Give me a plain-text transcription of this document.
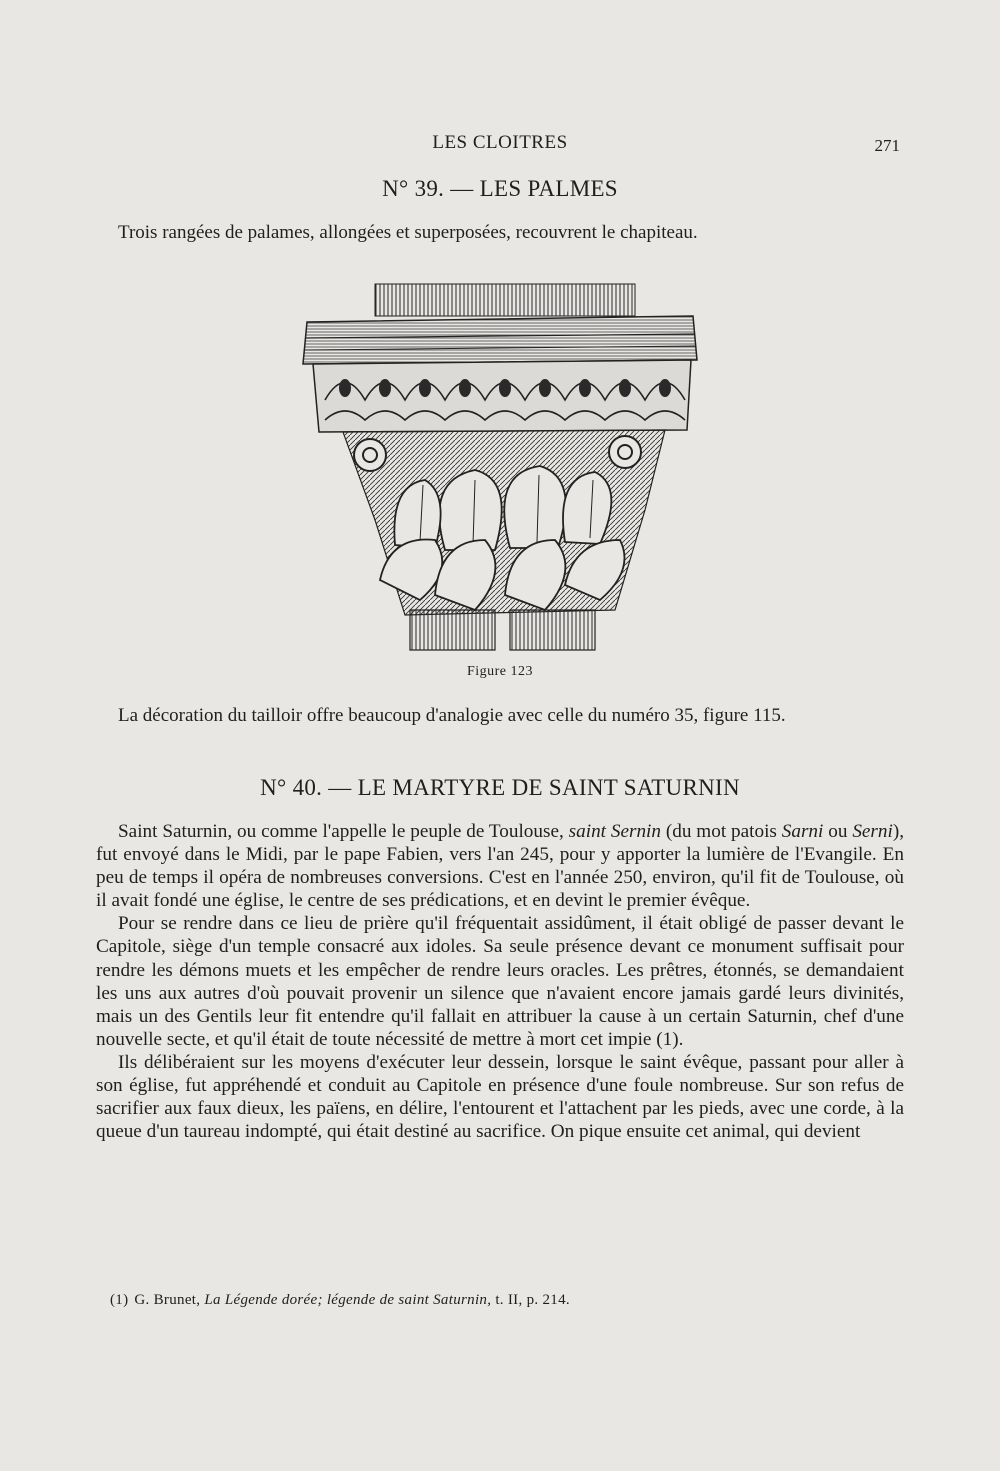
LES CLOITRES	271
N° 39. — LES PALMES
Trois rangées de palames, allongées et superposées, recouvrent le chapiteau.
Figure 123
La décoration du tailloir offre beaucoup d'analogie avec celle du numéro 35, figure 115.
N° 40. — LE MARTYRE DE SAINT SATURNIN

Saint Saturnin, ou comme l'appelle le peuple de Toulouse, saint Sernin (du mot patois Sarni ou Serni), fut envoyé dans le Midi, par le pape Fabien, vers l'an 245, pour y apporter la lumière de l'Evangile. En peu de temps il opéra de nombreuses conversions. C'est en l'année 250, environ, qu'il fit de Toulouse, où il avait fondé une église, le centre de ses prédications, et en devint le premier évêque.

Pour se rendre dans ce lieu de prière qu'il fréquentait assidûment, il était obligé de passer devant le Capitole, siège d'un temple consacré aux idoles. Sa seule présence devant ce monument suffisait pour rendre les démons muets et les empêcher de rendre leurs oracles. Les prêtres, étonnés, se demandaient les uns aux autres d'où pouvait provenir un silence que n'avaient encore jamais gardé leurs divinités, mais un des Gentils leur fit entendre qu'il fallait en attribuer la cause à un certain Saturnin, chef d'une nouvelle secte, et qu'il était de toute nécessité de mettre à mort cet impie (1).

Ils délibéraient sur les moyens d'exécuter leur dessein, lorsque le saint évêque, passant pour aller à son église, fut appréhendé et conduit au Capitole en présence d'une foule nombreuse. Sur son refus de sacrifier aux faux dieux, les païens, en délire, l'entourent et l'attachent par les pieds, avec une corde, à la queue d'un taureau indompté, qui était destiné au sacrifice. On pique ensuite cet animal, qui devient

(1) G. Brunet, La Légende dorée; légende de saint Saturnin, t. II, p. 214.
